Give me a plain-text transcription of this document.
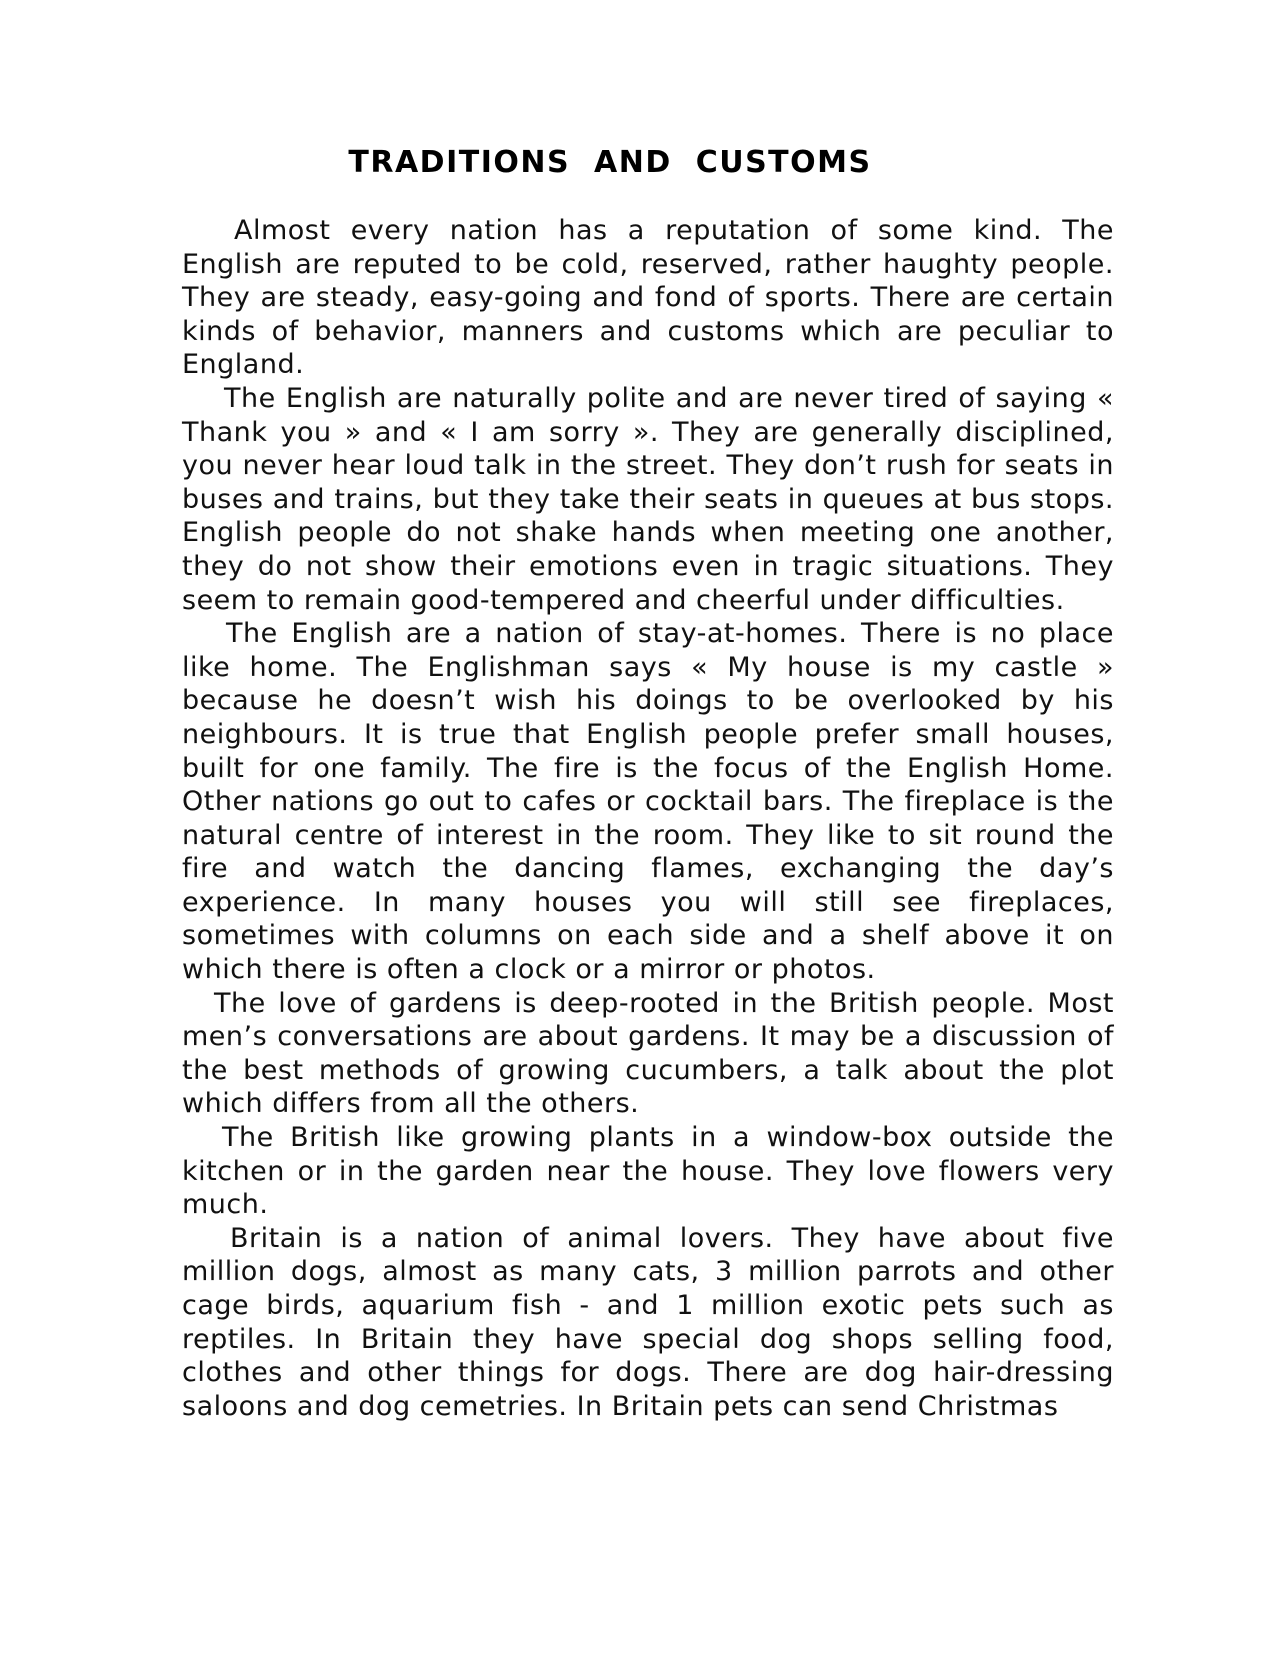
TRADITIONS AND CUSTOMS

Almost every nation has a reputation of some kind. The English are reputed to be cold, reserved, rather haughty people. They are steady, easy-going and fond of sports. There are certain kinds of behavior, manners and customs which are peculiar to England.

The English are naturally polite and are never tired of saying « Thank you » and « I am sorry ». They are generally disciplined, you never hear loud talk in the street. They don’t rush for seats in buses and trains, but they take their seats in queues at bus stops. English people do not shake hands when meeting one another, they do not show their emotions even in tragic situations. They seem to remain good-tempered and cheerful under difficulties.

The English are a nation of stay-at-homes. There is no place like home. The Englishman says « My house is my castle » because he doesn’t wish his doings to be overlooked by his neighbours. It is true that English people prefer small houses, built for one family. The fire is the focus of the English Home. Other nations go out to cafes or cocktail bars. The fireplace is the natural centre of interest in the room. They like to sit round the fire and watch the dancing flames, exchanging the day’s experience. In many houses you will still see fireplaces, sometimes with columns on each side and a shelf above it on which there is often a clock or a mirror or photos.

The love of gardens is deep-rooted in the British people. Most men’s conversations are about gardens. It may be a discussion of the best methods of growing cucumbers, a talk about the plot which differs from all the others.

The British like growing plants in a window-box outside the kitchen or in the garden near the house. They love flowers very much.

Britain is a nation of animal lovers. They have about five million dogs, almost as many cats, 3 million parrots and other cage birds, aquarium fish - and 1 million exotic pets such as reptiles. In Britain they have special dog shops selling food, clothes and other things for dogs. There are dog hair-dressing saloons and dog cemetries. In Britain pets can send Christmas
